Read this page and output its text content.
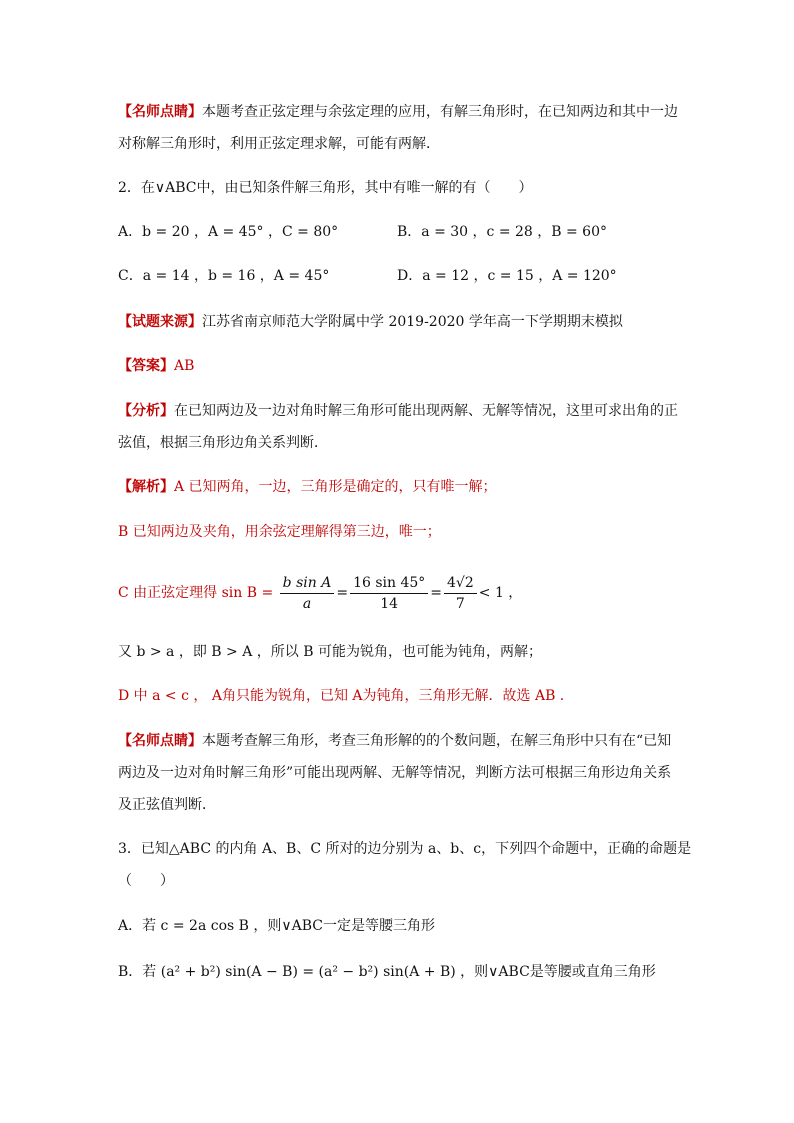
【名师点睛】本题考查正弦定理与余弦定理的应用，有解三角形时，在已知两边和其中一边
对称解三角形时，利用正弦定理求解，可能有两解．
2．在∨ABC中，由已知条件解三角形，其中有唯一解的有（　　）
A．b = 20 ，A = 45° ，C = 80°	B．a = 30 ，c = 28 ，B = 60°
C．a = 14 ，b = 16 ，A = 45°	D．a = 12 ，c = 15 ，A = 120°
【试题来源】江苏省南京师范大学附属中学 2019-2020 学年高一下学期期末模拟
【答案】AB
【分析】在已知两边及一边对角时解三角形可能出现两解、无解等情况，这里可求出角的正
弦值，根据三角形边角关系判断．
【解析】A 已知两角，一边，三角形是确定的，只有唯一解；
B 已知两边及夹角，用余弦定理解得第三边，唯一；
C 由正弦定理得 $\sin B = \frac{\text{b sin A}}{a} = \frac{16 \sin 45^\circ}{14} = \frac{4√2}{7} < 1$ ，
又 b > a ，即 B > A ，所以 B 可能为锐角，也可能为钝角，两解；
D 中 a < c ， A角只能为锐角，已知 A为钝角，三角形无解．故选 AB .
【名师点睛】本题考查解三角形，考查三角形解的的个数问题，在解三角形中只有在“已知
两边及一边对角时解三角形”可能出现两解、无解等情况，判断方法可根据三角形边角关系
及正弦值判断．
3．已知△ABC 的内角 A、B、C 所对的边分别为 a、b、c，下列四个命题中，正确的命题是
（　　）
A．若 c = 2a cos B ，则∨ABC一定是等腰三角形
B．若 (a² + b²) sin(A − B) = (a² − b²) sin(A + B) ，则∨ABC是等腰或直角三角形
